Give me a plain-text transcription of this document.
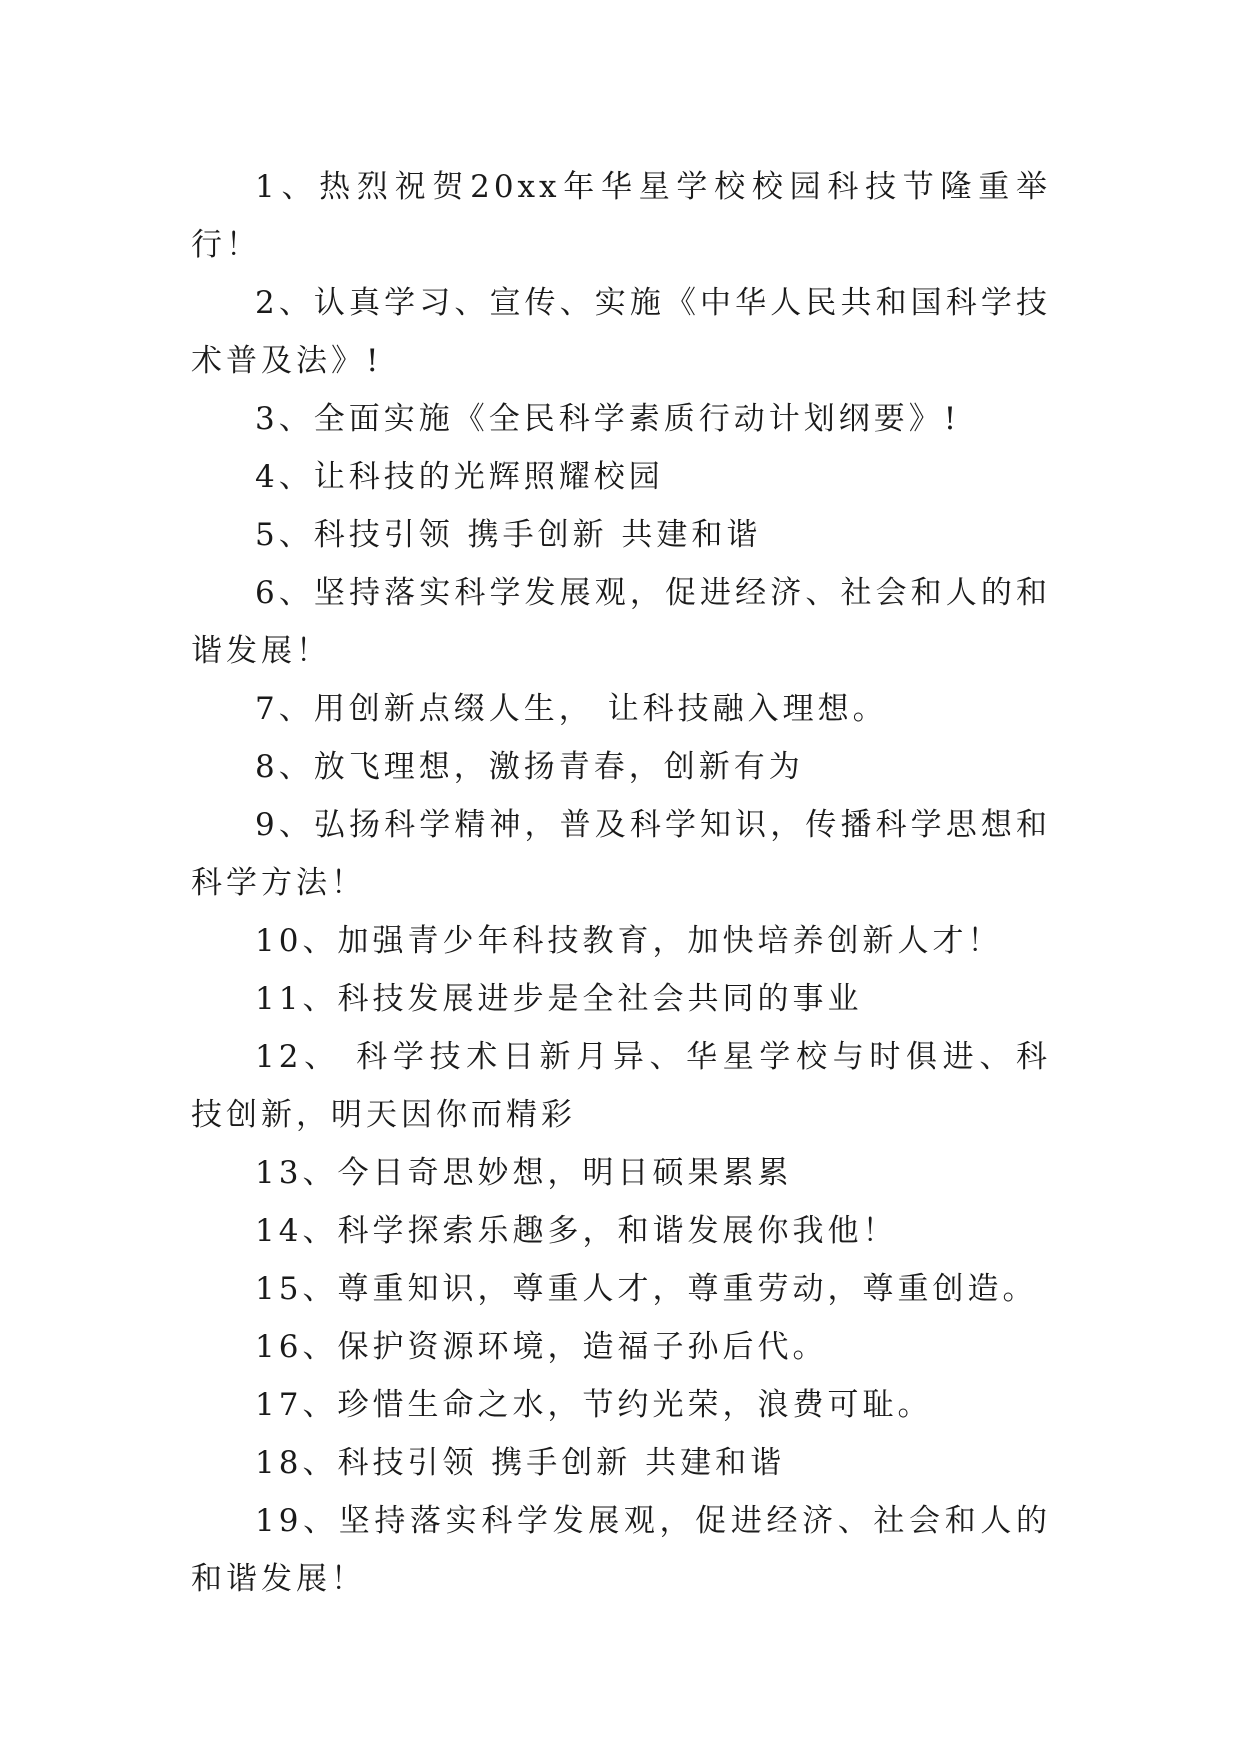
1、热烈祝贺20xx年华星学校校园科技节隆重举行！

2、认真学习、宣传、实施《中华人民共和国科学技术普及法》!

3、全面实施《全民科学素质行动计划纲要》!

4、让科技的光辉照耀校园

5、科技引领 携手创新 共建和谐

6、坚持落实科学发展观，促进经济、社会和人的和谐发展！

7、用创新点缀人生， 让科技融入理想。

8、放飞理想，激扬青春，创新有为

9、弘扬科学精神，普及科学知识，传播科学思想和科学方法！

10、加强青少年科技教育，加快培养创新人才！

11、科技发展进步是全社会共同的事业

12、 科学技术日新月异、华星学校与时俱进、科技创新，明天因你而精彩

13、今日奇思妙想，明日硕果累累

14、科学探索乐趣多，和谐发展你我他！

15、尊重知识，尊重人才，尊重劳动，尊重创造。

16、保护资源环境，造福子孙后代。

17、珍惜生命之水，节约光荣，浪费可耻。

18、科技引领 携手创新 共建和谐

19、坚持落实科学发展观，促进经济、社会和人的和谐发展！
